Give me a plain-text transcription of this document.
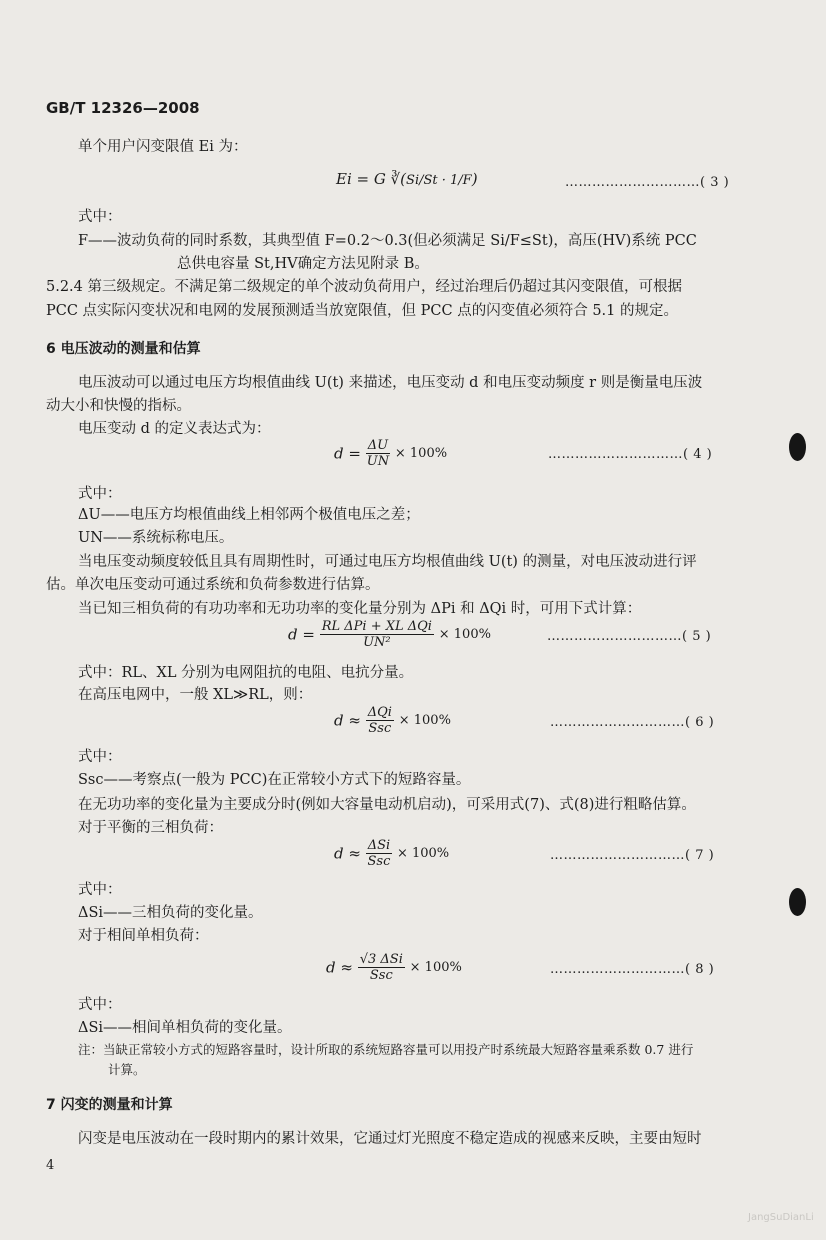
GB/T 12326—2008
单个用户闪变限值 Ei 为：
Ei = G ∛(Si/St · 1/F)	…………………………( 3 )
式中：
F——波动负荷的同时系数，其典型值 F=0.2～0.3(但必须满足 Si/F≤St)，高压(HV)系统 PCC
总供电容量 St,HV确定方法见附录 B。
5.2.4 第三级规定。不满足第二级规定的单个波动负荷用户，经过治理后仍超过其闪变限值，可根据
PCC 点实际闪变状况和电网的发展预测适当放宽限值，但 PCC 点的闪变值必须符合 5.1 的规定。
6 电压波动的测量和估算
电压波动可以通过电压方均根值曲线 U(t) 来描述，电压变动 d 和电压变动频度 r 则是衡量电压波
动大小和快慢的指标。
电压变动 d 的定义表达式为：
$d = \frac{\Delta U}{UN} \times 100\%$	…………………………( 4 )
式中：
ΔU——电压方均根值曲线上相邻两个极值电压之差；
UN——系统标称电压。
当电压变动频度较低且具有周期性时，可通过电压方均根值曲线 U(t) 的测量，对电压波动进行评
估。单次电压变动可通过系统和负荷参数进行估算。
当已知三相负荷的有功功率和无功功率的变化量分别为 ΔPi 和 ΔQi 时，可用下式计算：
$d = \frac{\text{RL ΔPi + XL ΔQi}}{\text{UN²}} \times 100\%$	…………………………( 5 )
式中：RL、XL 分别为电网阻抗的电阻、电抗分量。
在高压电网中，一般 XL≫RL，则：
$d \approx \frac{\text{ΔQi}}{\text{Ssc}} \times 100\%$	…………………………( 6 )
式中：
Ssc——考察点(一般为 PCC)在正常较小方式下的短路容量。
在无功功率的变化量为主要成分时(例如大容量电动机启动)，可采用式(7)、式(8)进行粗略估算。
对于平衡的三相负荷：
$d \approx \frac{\text{ΔSi}}{\text{Ssc}} \times 100\%$	…………………………( 7 )
式中：
ΔSi——三相负荷的变化量。
对于相间单相负荷：
$d \approx \frac{\text{√3 ΔSi}}{\text{Ssc}} \times 100\%$	…………………………( 8 )
式中：
ΔSi——相间单相负荷的变化量。
注：当缺正常较小方式的短路容量时，设计所取的系统短路容量可以用投产时系统最大短路容量乘系数 0.7 进行
计算。
7 闪变的测量和计算
闪变是电压波动在一段时期内的累计效果，它通过灯光照度不稳定造成的视感来反映，主要由短时
4
JangSuDianLi
